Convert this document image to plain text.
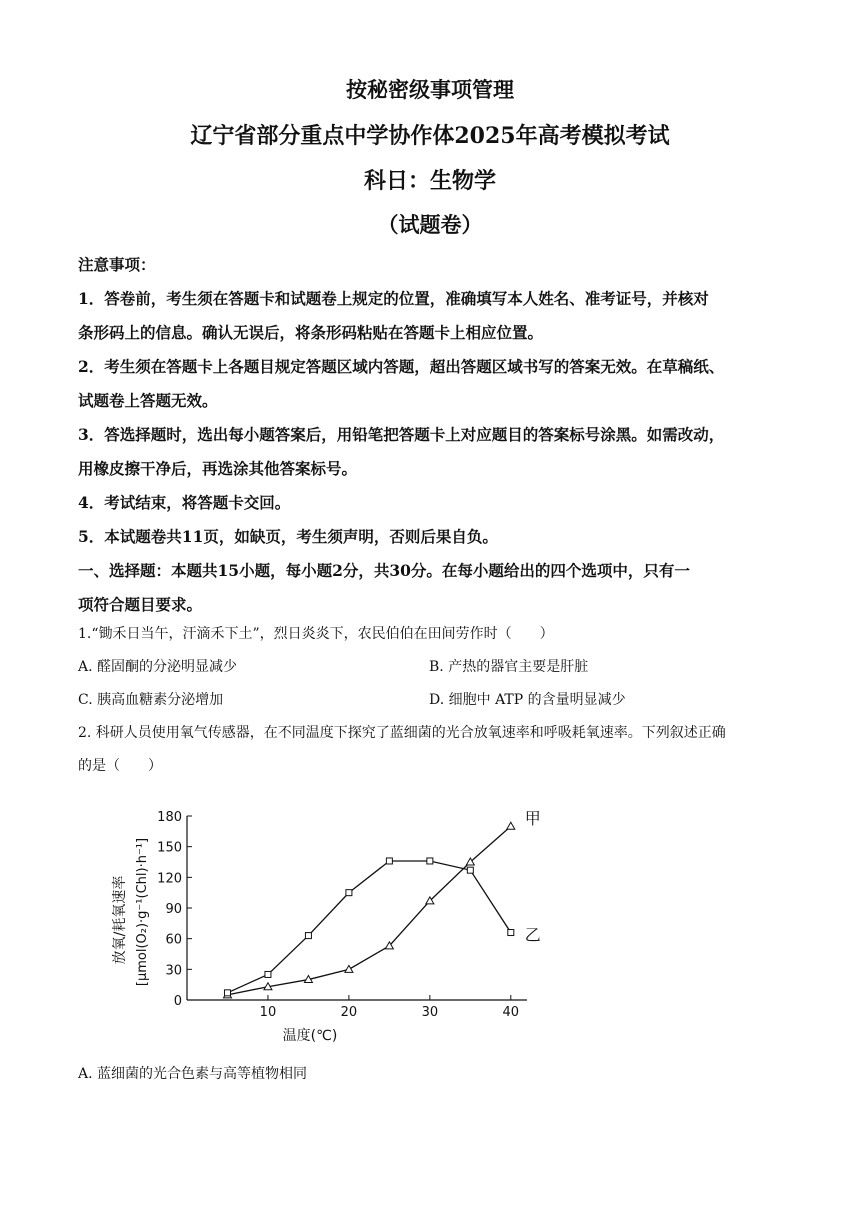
按秘密级事项管理
辽宁省部分重点中学协作体2025年高考模拟考试
科日：生物学
（试题卷）

注意事项：

1．答卷前，考生须在答题卡和试题卷上规定的位置，准确填写本人姓名、准考证号，并核对

条形码上的信息。确认无误后，将条形码粘贴在答题卡上相应位置。

2．考生须在答题卡上各题目规定答题区域内答题，超出答题区域书写的答案无效。在草稿纸、

试题卷上答题无效。

3．答选择题时，选出每小题答案后，用铅笔把答题卡上对应题目的答案标号涂黑。如需改动，

用橡皮擦干净后，再选涂其他答案标号。

4．考试结束，将答题卡交回。

5．本试题卷共11页，如缺页，考生须声明，否则后果自负。

一、选择题：本题共15小题，每小题2分，共30分。在每小题给出的四个选项中，只有一

项符合题目要求。

1.“锄禾日当午，汗滴禾下土”，烈日炎炎下，农民伯伯在田间劳作时（　　）

A. 醛固酮的分泌明显减少	B. 产热的器官主要是肝脏
C. 胰高血糖素分泌增加	D. 细胞中 ATP 的含量明显减少

2. 科研人员使用氧气传感器，在不同温度下探究了蓝细菌的光合放氧速率和呼吸耗氧速率。下列叙述正确

的是（　　）

0
30
60
90
120
150
180
10	20	30	40
甲
乙
放氧/耗氧速率 [μmol(O₂)·g⁻¹(Chl)·h⁻¹]
温度(℃)

A. 蓝细菌的光合色素与高等植物相同
